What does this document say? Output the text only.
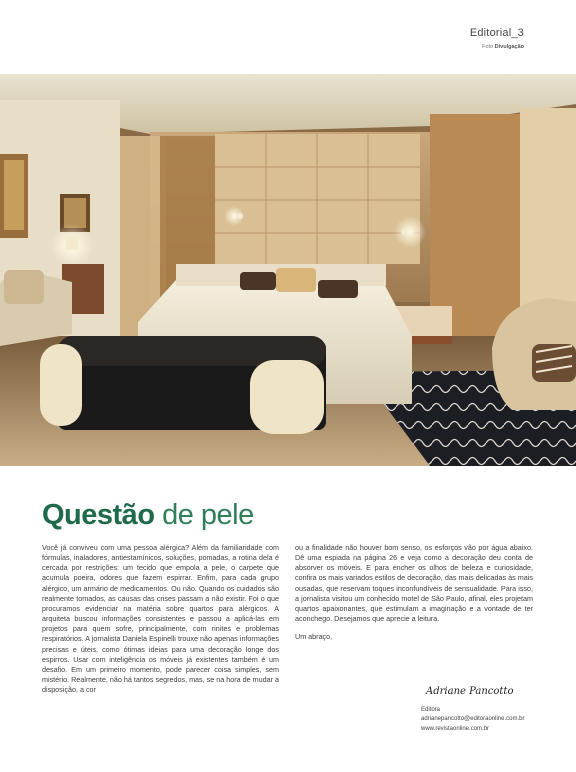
Editorial_3
Foto Divulgação
Questão de pele

Você já conviveu com uma pessoa alérgica? Além da familiaridade com fórmulas, inaladores, antiestamínicos, soluções, pomadas, a rotina dela é cercada por restrições: um tecido que empola a pele, o carpete que acumula poeira, odores que fazem espirrar. Enfim, para cada grupo alérgico, um armário de medicamentos. Ou não. Quando os cuidados são realmente tomados, as causas das crises passam a não existir. Foi o que procuramos evidenciar na matéria sobre quartos para alérgicos. A arquiteta buscou informações consistentes e passou a aplicá-las em projetos para quem sofre, principalmente, com rinites e problemas respiratórios. A jornalista Daniela Espinelli trouxe não apenas informações precisas e úteis, como ótimas ideias para uma decoração longe dos espirros. Usar com inteligência os móveis já existentes também é um desafio. Em um primeiro momento, pode parecer coisa simples, sem mistério. Realmente, não há tantos segredos, mas, se na hora de mudar a disposição, a cor

ou a finalidade não houver bom senso, os esforços vão por água abaixo. Dê uma espiada na página 26 e veja como a decoração deu conta de absorver os móveis. E para encher os olhos de beleza e curiosidade, confira os mais variados estilos de decoração, das mais delicadas às mais ousadas, que reservam toques inconfundíveis de sensualidade. Para isso, a jornalista visitou um conhecido motel de São Paulo, afinal, eles projetam quartos apaixonantes, que estimulam a imaginação e a vontade de ter aconchego. Desejamos que aprecie a leitura.

Um abraço,

Adriane Pancotto
Editora
adrianepancotto@editoraonline.com.br
www.revistaonline.com.br
